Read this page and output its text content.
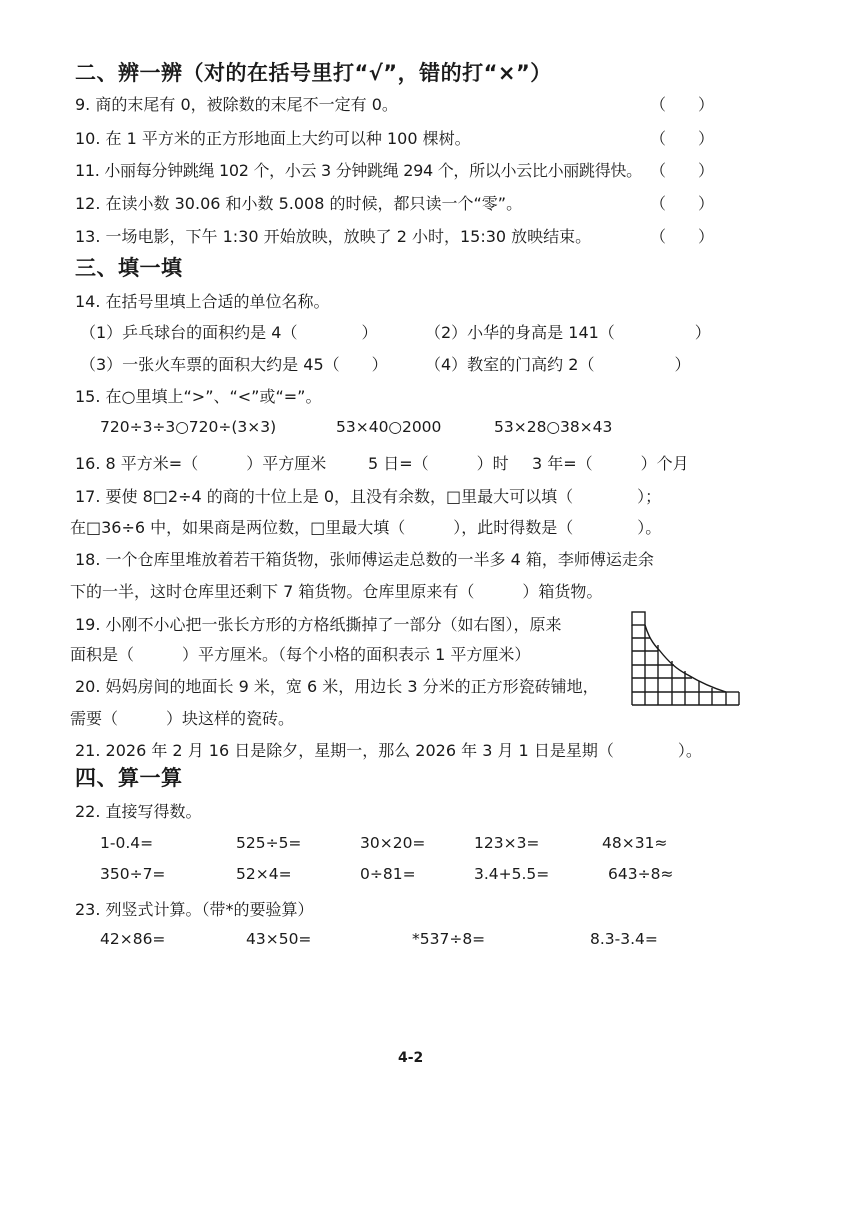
二、辨一辨（对的在括号里打“√”，错的打“×”）
9. 商的末尾有 0，被除数的末尾不一定有 0。	（　　）
10. 在 1 平方米的正方形地面上大约可以种 100 棵树。	（　　）
11. 小丽每分钟跳绳 102 个，小云 3 分钟跳绳 294 个，所以小云比小丽跳得快。 （　　）
12. 在读小数 30.06 和小数 5.008 的时候，都只读一个“零”。	（　　）
13. 一场电影，下午 1:30 开始放映，放映了 2 小时，15:30 放映结束。	（　　）
三、填一填
14. 在括号里填上合适的单位名称。
（1）乒乓球台的面积约是 4（　　　　）	（2）小华的身高是 141（　　　　　）
（3）一张火车票的面积大约是 45（　　） （4）教室的门高约 2（　　　　　）
15. 在○里填上“>”、“<”或“=”。
720÷3÷3○720÷(3×3)	53×40○2000	53×28○38×43
16. 8 平方米=（　　　）平方厘米	5 日=（　　　）时 3 年=（　　　）个月
17. 要使 8□2÷4 的商的十位上是 0，且没有余数，□里最大可以填（　　　　）；
在□36÷6 中，如果商是两位数，□里最大填（　　　），此时得数是（　　　　）。
18. 一个仓库里堆放着若干箱货物，张师傅运走总数的一半多 4 箱，李师傅运走余
下的一半，这时仓库里还剩下 7 箱货物。仓库里原来有（　　　）箱货物。
19. 小刚不小心把一张长方形的方格纸撕掉了一部分（如右图），原来
面积是（　　　）平方厘米。（每个小格的面积表示 1 平方厘米）
20. 妈妈房间的地面长 9 米，宽 6 米，用边长 3 分米的正方形瓷砖铺地，
需要（　　　）块这样的瓷砖。
21. 2026 年 2 月 16 日是除夕，星期一，那么 2026 年 3 月 1 日是星期（　　　　）。
四、算一算
22. 直接写得数。
1-0.4=	525÷5=	30×20=	123×3=	48×31≈
350÷7=	52×4=	0÷81=	3.4+5.5=	643÷8≈
23. 列竖式计算。（带*的要验算）
42×86=	43×50=	*537÷8=	8.3-3.4=
4-2
